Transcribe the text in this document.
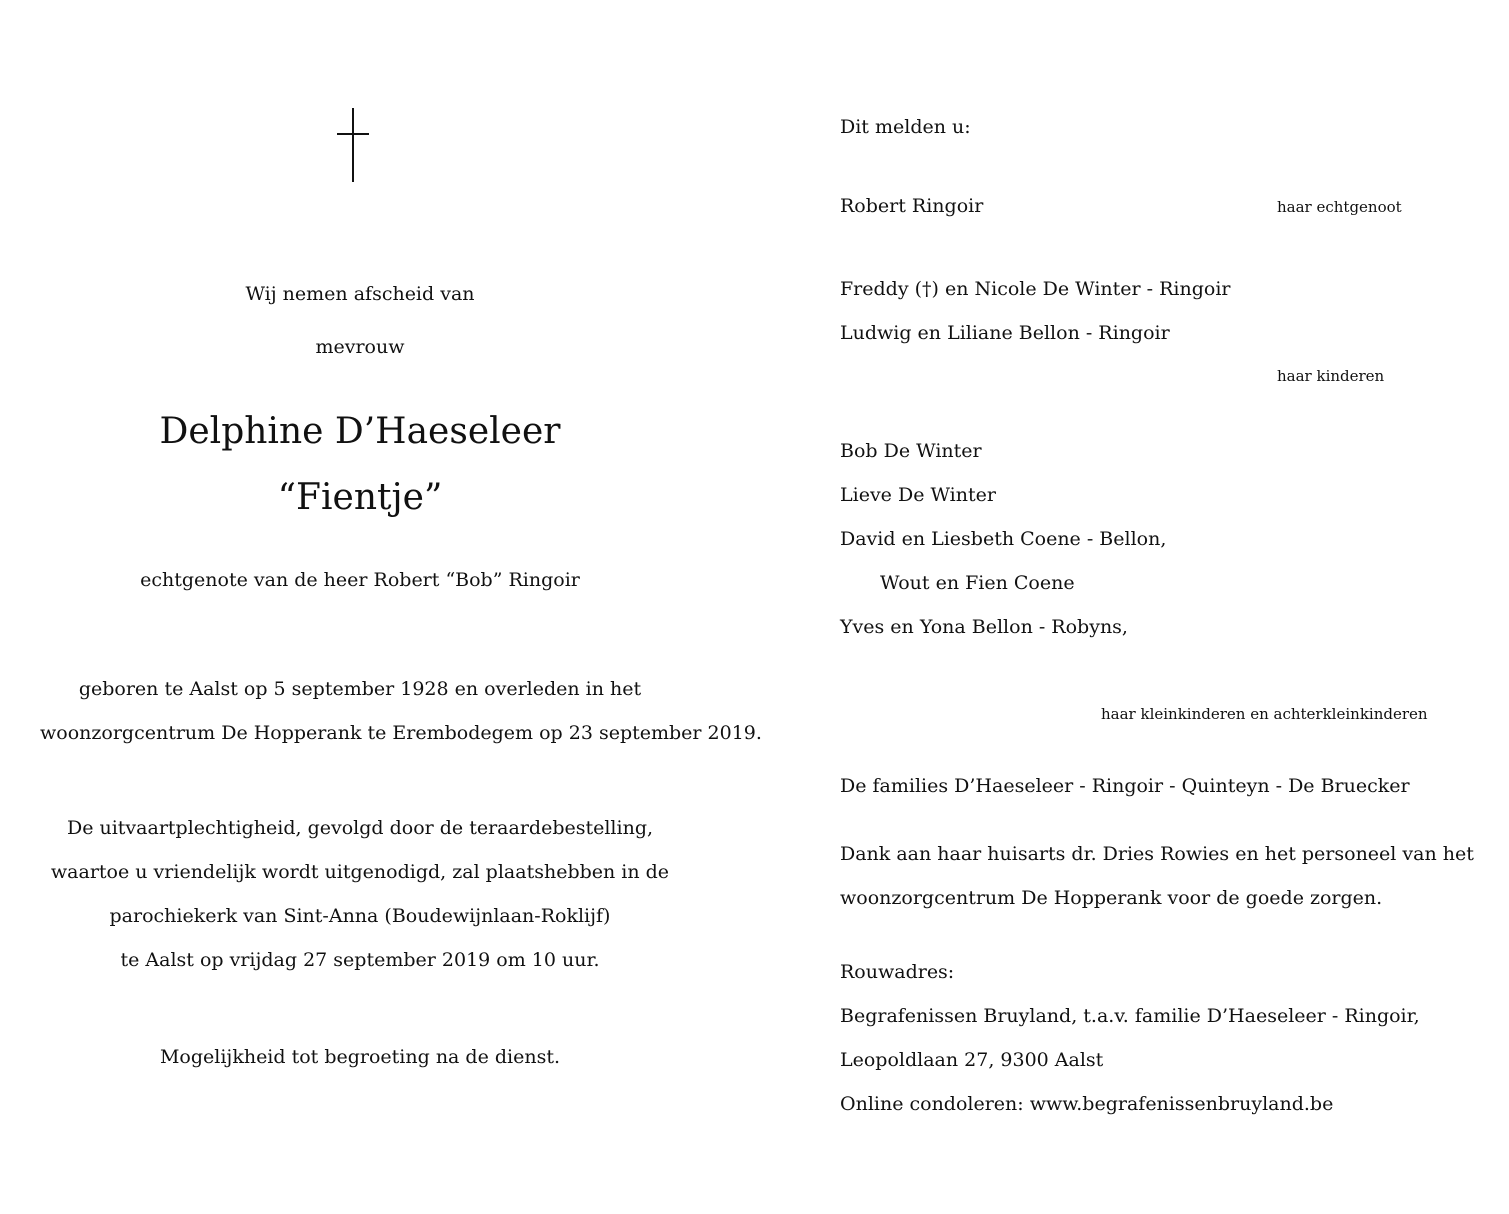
Wij nemen afscheid van
mevrouw
Delphine D’Haeseleer
“Fientje”
echtgenote van de heer Robert “Bob” Ringoir
geboren te Aalst op 5 september 1928 en overleden in het
woonzorgcentrum De Hopperank te Erembodegem op 23 september 2019.
De uitvaartplechtigheid, gevolgd door de teraardebestelling,
waartoe u vriendelijk wordt uitgenodigd, zal plaatshebben in de
parochiekerk van Sint-Anna (Boudewijnlaan-Roklijf)
te Aalst op vrijdag 27 september 2019 om 10 uur.
Mogelijkheid tot begroeting na de dienst.
Dit melden u:
Robert Ringoir	haar echtgenoot
Freddy (†) en Nicole De Winter - Ringoir
Ludwig en Liliane Bellon - Ringoir
haar kinderen
Bob De Winter
Lieve De Winter
David en Liesbeth Coene - Bellon,
Wout en Fien Coene
Yves en Yona Bellon - Robyns,
haar kleinkinderen en achterkleinkinderen
De families D’Haeseleer - Ringoir - Quinteyn - De Bruecker
Dank aan haar huisarts dr. Dries Rowies en het personeel van het
woonzorgcentrum De Hopperank voor de goede zorgen.
Rouwadres:
Begrafenissen Bruyland, t.a.v. familie D’Haeseleer - Ringoir,
Leopoldlaan 27, 9300 Aalst
Online condoleren: www.begrafenissenbruyland.be
